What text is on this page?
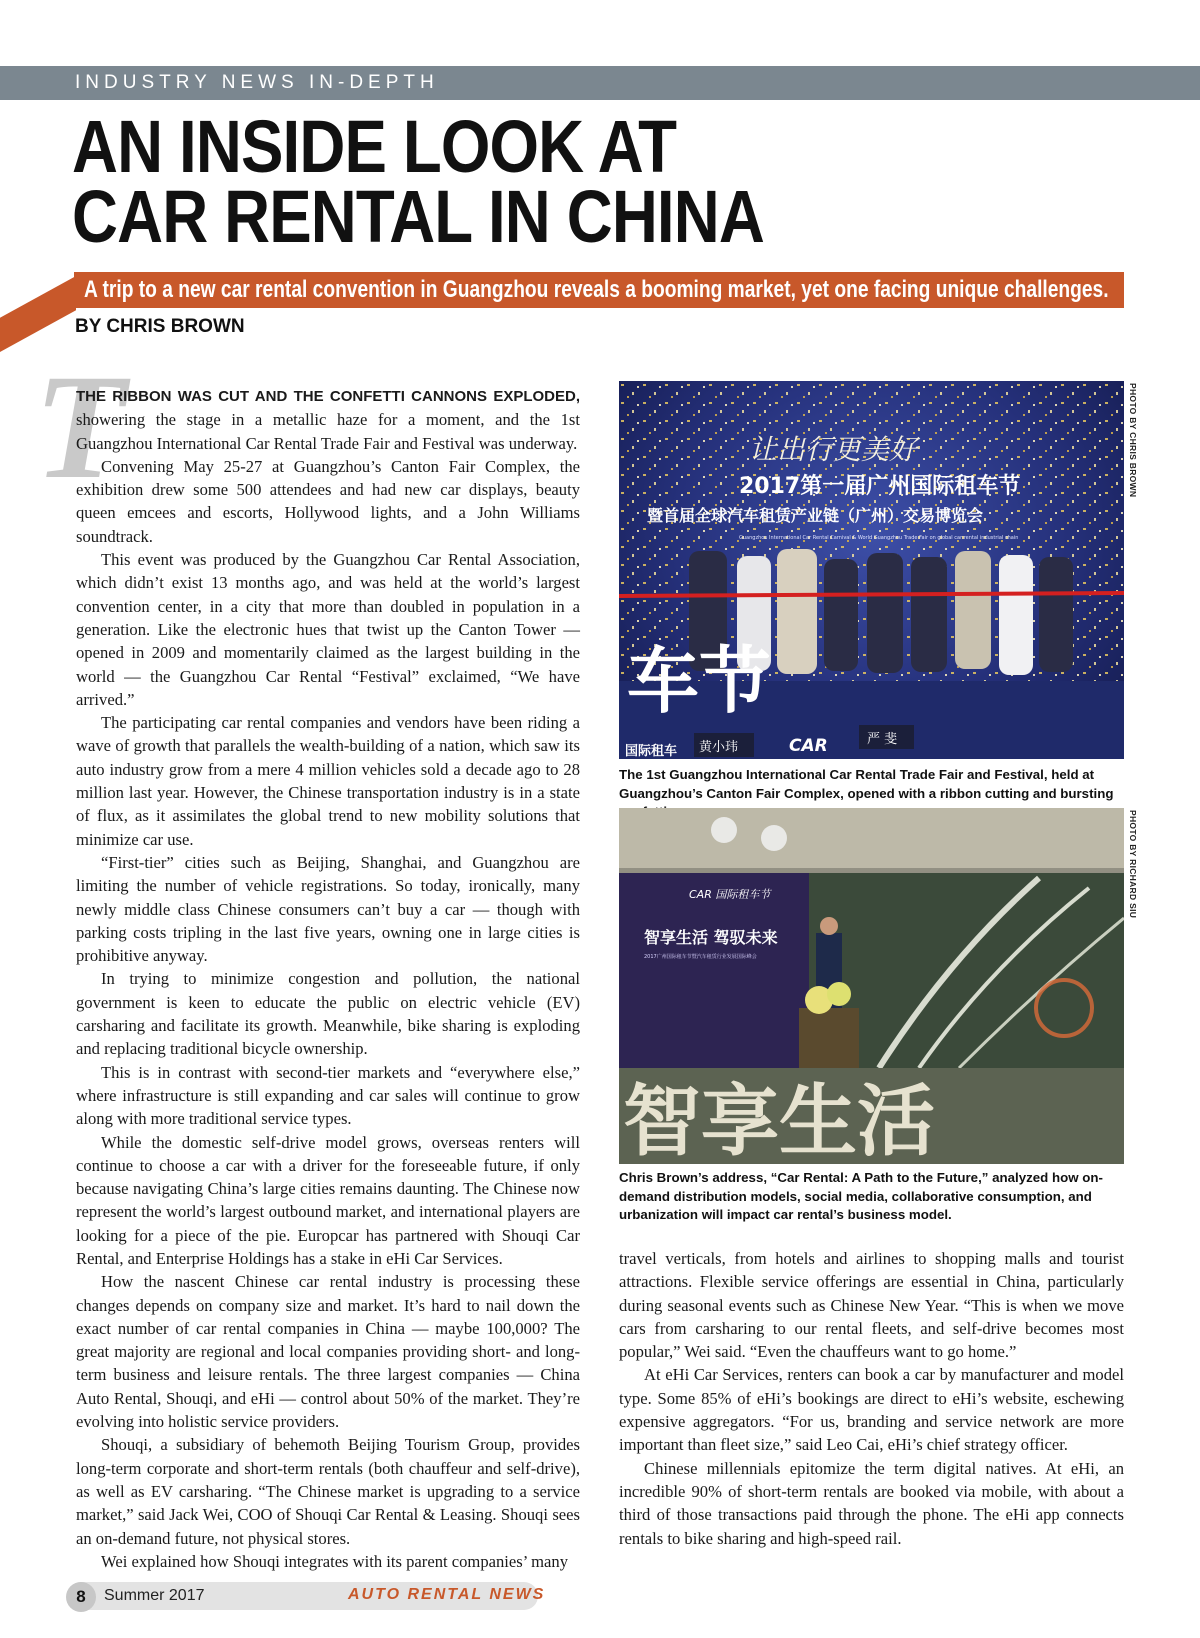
INDUSTRY NEWS IN-DEPTH
AN INSIDE LOOK AT
CAR RENTAL IN CHINA
A trip to a new car rental convention in Guangzhou reveals a booming market, yet one facing unique challenges.
BY CHRIS BROWN
T

THE RIBBON WAS CUT AND THE CONFETTI CANNONS EXPLODED, showering the stage in a metallic haze for a moment, and the 1st Guangzhou International Car Rental Trade Fair and Festival was underway.

Convening May 25-27 at Guangzhou’s Canton Fair Complex, the exhibition drew some 500 attendees and had new car displays, beauty queen emcees and escorts, Hollywood lights, and a John Williams soundtrack.

This event was produced by the Guangzhou Car Rental Association, which didn’t exist 13 months ago, and was held at the world’s largest convention center, in a city that more than doubled in population in a generation. Like the electronic hues that twist up the Canton Tower — opened in 2009 and momentarily claimed as the largest building in the world — the Guangzhou Car Rental “Festival” exclaimed, “We have arrived.”

The participating car rental companies and vendors have been riding a wave of growth that parallels the wealth-building of a nation, which saw its auto industry grow from a mere 4 million vehicles sold a decade ago to 28 million last year. However, the Chinese transportation industry is in a state of flux, as it assimilates the global trend to new mobility solutions that minimize car use.

“First-tier” cities such as Beijing, Shanghai, and Guangzhou are limiting the number of vehicle registrations. So today, ironically, many newly middle class Chinese consumers can’t buy a car — though with parking costs tripling in the last five years, owning one in large cities is prohibitive anyway.

In trying to minimize congestion and pollution, the national government is keen to educate the public on electric vehicle (EV) carsharing and facilitate its growth. Meanwhile, bike sharing is exploding and replacing traditional bicycle ownership.

This is in contrast with second-tier markets and “everywhere else,” where infrastructure is still expanding and car sales will continue to grow along with more traditional service types.

While the domestic self-drive model grows, overseas renters will continue to choose a car with a driver for the foreseeable future, if only because navigating China’s large cities remains daunting. The Chinese now represent the world’s largest outbound market, and international players are looking for a piece of the pie. Europcar has partnered with Shouqi Car Rental, and Enterprise Holdings has a stake in eHi Car Services.

How the nascent Chinese car rental industry is processing these changes depends on company size and market. It’s hard to nail down the exact number of car rental companies in China — maybe 100,000? The great majority are regional and local companies providing short- and long-term business and leisure rentals. The three largest companies — China Auto Rental, Shouqi, and eHi — control about 50% of the market. They’re evolving into holistic service providers.

Shouqi, a subsidiary of behemoth Beijing Tourism Group, provides long-term corporate and short-term rentals (both chauffeur and self-drive), as well as EV carsharing. “The Chinese market is upgrading to a service market,” said Jack Wei, COO of Shouqi Car Rental & Leasing. Shouqi sees an on-demand future, not physical stores.

Wei explained how Shouqi integrates with its parent companies’ many

让出行更美好
2017第一届广州国际租车节
暨首届全球汽车租赁产业链（广州）交易博览会
Guangzhou International Car Rental Carnival & World Guangzhou Trade Fair on global car rental industrial chain
车节
国际租车 黄小玮	CAR	严 斐
PHOTO BY CHRIS BROWN
The 1st Guangzhou International Car Rental Trade Fair and Festival, held at Guangzhou’s Canton Fair Complex, opened with a ribbon cutting and bursting
CAR 国际租车节
智享生活 驾驭未来
2017广州国际租车节暨汽车租赁行业发展国际峰会
智享生活
PHOTO BY RICHARD SIU
Chris Brown’s address, “Car Rental: A Path to the Future,” analyzed how on-demand distribution models, social media, collaborative consumption, and urbanization will impact car rental’s business model.

travel verticals, from hotels and airlines to shopping malls and tourist attractions. Flexible service offerings are essential in China, particularly during seasonal events such as Chinese New Year. “This is when we move cars from carsharing to our rental fleets, and self-drive becomes most popular,” Wei said. “Even the chauffeurs want to go home.”

At eHi Car Services, renters can book a car by manufacturer and model type. Some 85% of eHi’s bookings are direct to eHi’s website, eschewing expensive aggregators. “For us, branding and service network are more important than fleet size,” said Leo Cai, eHi’s chief strategy officer.

Chinese millennials epitomize the term digital natives. At eHi, an incredible 90% of short-term rentals are booked via mobile, with about a third of those transactions paid through the phone. The eHi app connects rentals to bike sharing and high-speed rail.

8	Summer 2017	AUTO RENTAL NEWS
